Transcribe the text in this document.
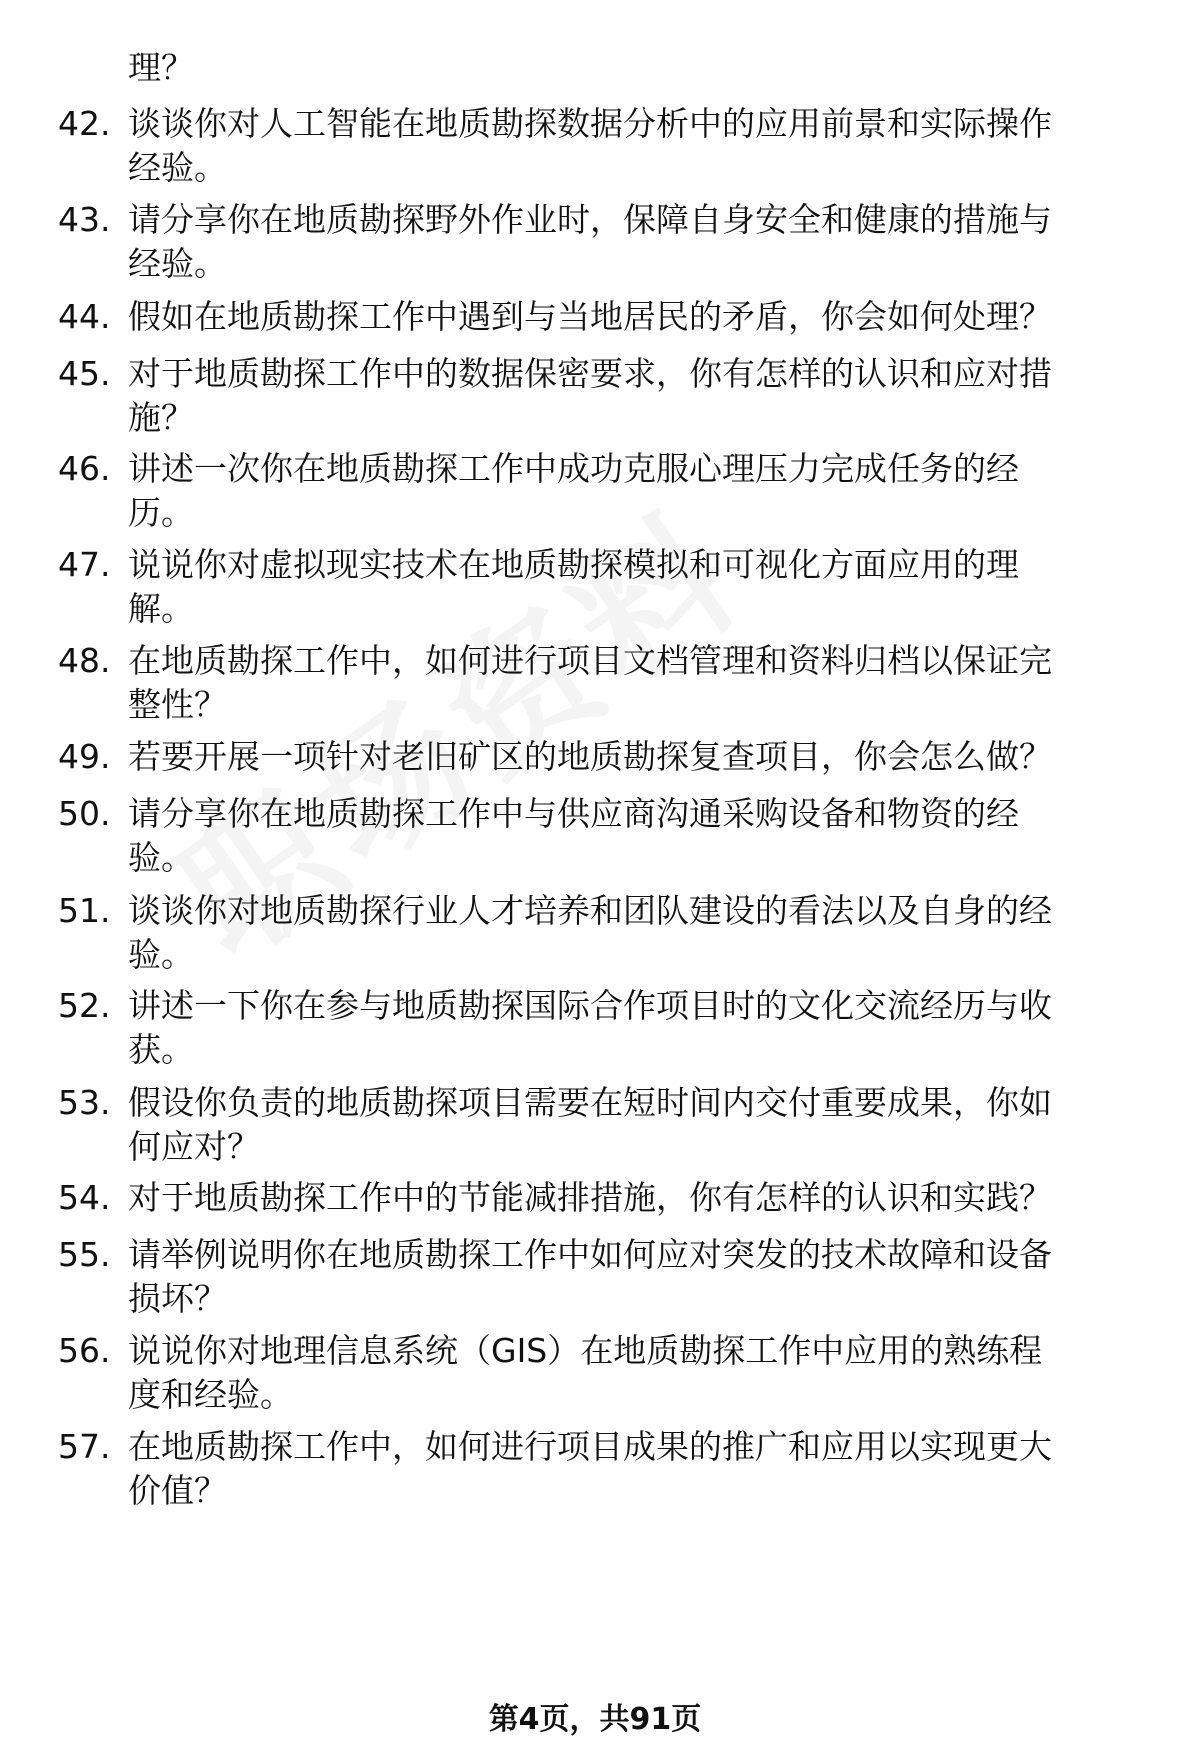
理？
42. 谈谈你对人工智能在地质勘探数据分析中的应用前景和实际操作
经验。
43. 请分享你在地质勘探野外作业时，保障自身安全和健康的措施与
经验。
44. 假如在地质勘探工作中遇到与当地居民的矛盾，你会如何处理？
45. 对于地质勘探工作中的数据保密要求，你有怎样的认识和应对措
施？
46. 讲述一次你在地质勘探工作中成功克服心理压力完成任务的经
历。
47. 说说你对虚拟现实技术在地质勘探模拟和可视化方面应用的理
解。
48. 在地质勘探工作中，如何进行项目文档管理和资料归档以保证完
整性？
49. 若要开展一项针对老旧矿区的地质勘探复查项目，你会怎么做？
50. 请分享你在地质勘探工作中与供应商沟通采购设备和物资的经
验。
51. 谈谈你对地质勘探行业人才培养和团队建设的看法以及自身的经
验。
52. 讲述一下你在参与地质勘探国际合作项目时的文化交流经历与收
获。
53. 假设你负责的地质勘探项目需要在短时间内交付重要成果，你如
何应对？
54. 对于地质勘探工作中的节能减排措施，你有怎样的认识和实践？
55. 请举例说明你在地质勘探工作中如何应对突发的技术故障和设备
损坏？
56. 说说你对地理信息系统（GIS）在地质勘探工作中应用的熟练程
度和经验。
57. 在地质勘探工作中，如何进行项目成果的推广和应用以实现更大
价值？
第4页，共91页
